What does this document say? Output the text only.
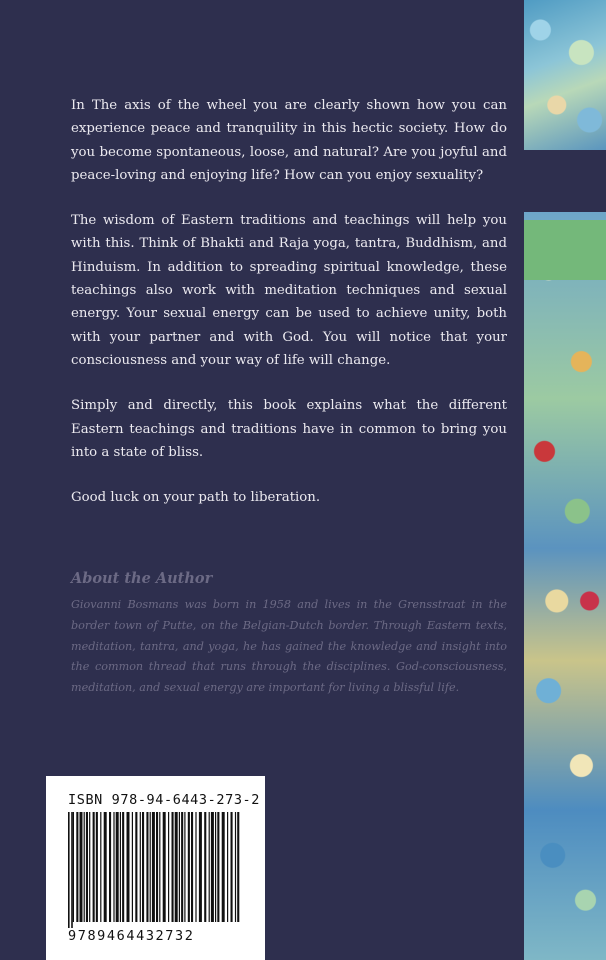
In The axis of the wheel you are clearly shown how you can experience peace and tranquility in this hectic society. How do you become spontaneous, loose, and natural? Are you joyful and peace-loving and enjoying life? How can you enjoy sexuality?

The wisdom of Eastern traditions and teachings will help you with this. Think of Bhakti and Raja yoga, tantra, Buddhism, and Hinduism. In addition to spreading spiritual knowledge, these teachings also work with meditation techniques and sexual energy. Your sexual energy can be used to achieve unity, both with your partner and with God. You will notice that your consciousness and your way of life will change.

Simply and directly, this book explains what the different Eastern teachings and traditions have in common to bring you into a state of bliss.

Good luck on your path to liberation.

About the Author

Giovanni Bosmans was born in 1958 and lives in the Grensstraat in the border town of Putte, on the Belgian-Dutch border. Through Eastern texts, meditation, tantra, and yoga, he has gained the knowledge and insight into the common thread that runs through the disciplines. God-consciousness, meditation, and sexual energy are important for living a blissful life.

ISBN 978-94-6443-273-2

9789464432732
